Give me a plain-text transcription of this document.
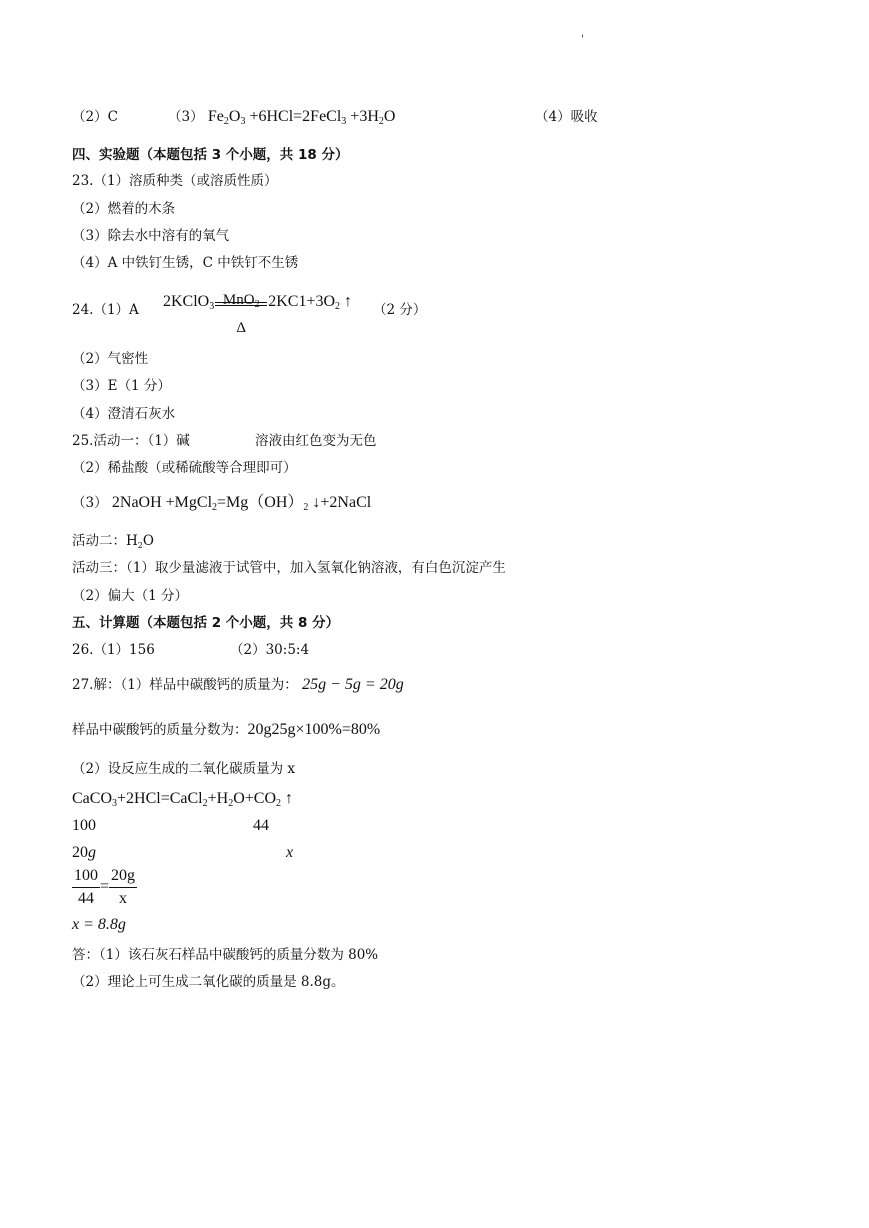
'
（2）C	（3） $Fe_2O_3$ +6HCl=2FeCl$_3$ $+3H_2O$	（4）吸收
四、实验题（本题包括 3 个小题，共 18 分）
23.（1）溶质种类（或溶质性质）
（2）燃着的木条
（3）除去水中溶有的氧气
（4）A 中铁钉生锈，C 中铁钉不生锈
24.（1）A 2KClO$_3$ MnO$_2$
Δ
$2KC1+3O_2$ ↑ （2 分）
（2）气密性
（3）E（1 分）
（4）澄清石灰水
25.活动一：（1）碱	溶液由红色变为无色
（2）稀盐酸（或稀硫酸等合理即可）
（3） 2NaOH $+MgCl_2=Mg(OH)_2$ ↓+2NaCl
活动二：$H_2O$
活动三：（1）取少量滤液于试管中，加入氢氧化钠溶液，有白色沉淀产生
（2）偏大（1 分）
五、计算题（本题包括 2 个小题，共 8 分）
26.（1）156	（2）30:5:4
27.解：（1）样品中碳酸钙的质量为： 25g − 5g = 20g
样品中碳酸钙的质量分数为：20g25g×100%=80%
（2）设反应生成的二氧化碳质量为 x
$CaCO_3+2HCl=CaCl_2+H_2O+CO_2$ ↑
100	44
20g	x
$\frac{100}{44} = \frac{20g}{x}$
x = 8.8g
答：（1）该石灰石样品中碳酸钙的质量分数为 80%
（2）理论上可生成二氧化碳的质量是 8.8g。
